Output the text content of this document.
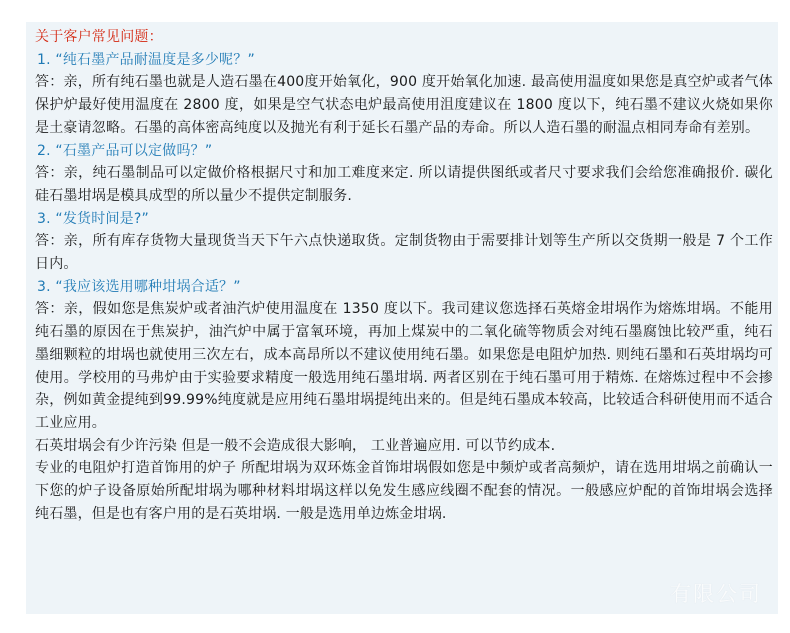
关于客户常见问题：
1. “纯石墨产品耐温度是多少呢？”
答：亲，所有纯石墨也就是人造石墨在400度开始氧化，900 度开始氧化加速. 最高使用温度如果您是真空炉或者气体保护炉最好使用温度在 2800 度，如果是空气状态电炉最高使用沮度建议在 1800 度以下，纯石墨不建议火烧如果你是土豪请忽略。石墨的高体密高纯度以及抛光有利于延长石墨产品的寿命。所以人造石墨的耐温点相同寿命有差别。
2. “石墨产品可以定做吗？”
答：亲，纯石墨制品可以定做价格根据尺寸和加工难度来定. 所以请提供图纸或者尺寸要求我们会给您准确报价. 碳化硅石墨坩埚是模具成型的所以量少不提供定制服务.
3. “发货时间是?”
答：亲，所有库存货物大量现货当天下午六点快递取货。定制货物由于需要排计划等生产所以交货期一般是 7 个工作日内。
3. “我应该选用哪种坩埚合适？”
答：亲，假如您是焦炭炉或者油汽炉使用温度在 1350 度以下。我司建议您选择石英熔金坩埚作为熔炼坩埚。不能用纯石墨的原因在于焦炭护，油汽炉中属于富氧环境，再加上煤炭中的二氧化硫等物质会对纯石墨腐蚀比较严重，纯石墨细颗粒的坩埚也就使用三次左右，成本高昂所以不建议使用纯石墨。如果您是电阻炉加热. 则纯石墨和石英坩埚均可使用。学校用的马弗炉由于实验要求精度一般选用纯石墨坩埚. 两者区别在于纯石墨可用于精炼. 在熔炼过程中不会掺杂，例如黄金提纯到99.99%纯度就是应用纯石墨坩埚提纯出来的。但是纯石墨成本较高，比较适合科研使用而不适合工业应用。
石英坩埚会有少许污染 但是一般不会造成很大影响， 工业普遍应用. 可以节约成本.
专业的电阻炉打造首饰用的炉子 所配坩埚为双环炼金首饰坩埚假如您是中频炉或者高频炉，请在选用坩埚之前确认一下您的炉子设备原始所配坩埚为哪种材料坩埚这样以免发生感应线圈不配套的情况。一般感应炉配的首饰坩埚会选择纯石墨，但是也有客户用的是石英坩埚. 一般是选用单边炼金坩埚.
有限公司
